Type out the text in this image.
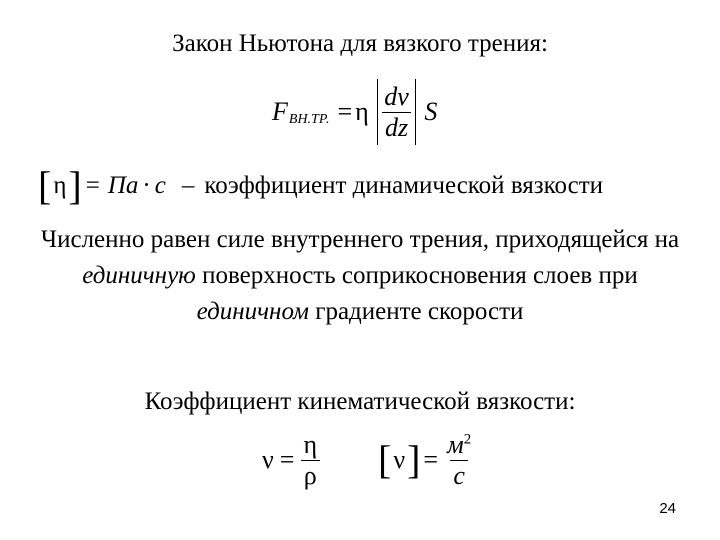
Закон Ньютона для вязкого трения:
F ВН.ТР. = η $\frac{dv}{dz}$ S
[ η ] = Па · с – коэффициент динамической вязкости
Численно равен силе внутреннего трения, приходящейся на единичную поверхность соприкосновения слоев при единичном градиенте скорости
Коэффициент кинематической вязкости:
$\nu = \frac{\eta}{\rho}$ [ ν ] = $\frac{м^2}{с}$
24
